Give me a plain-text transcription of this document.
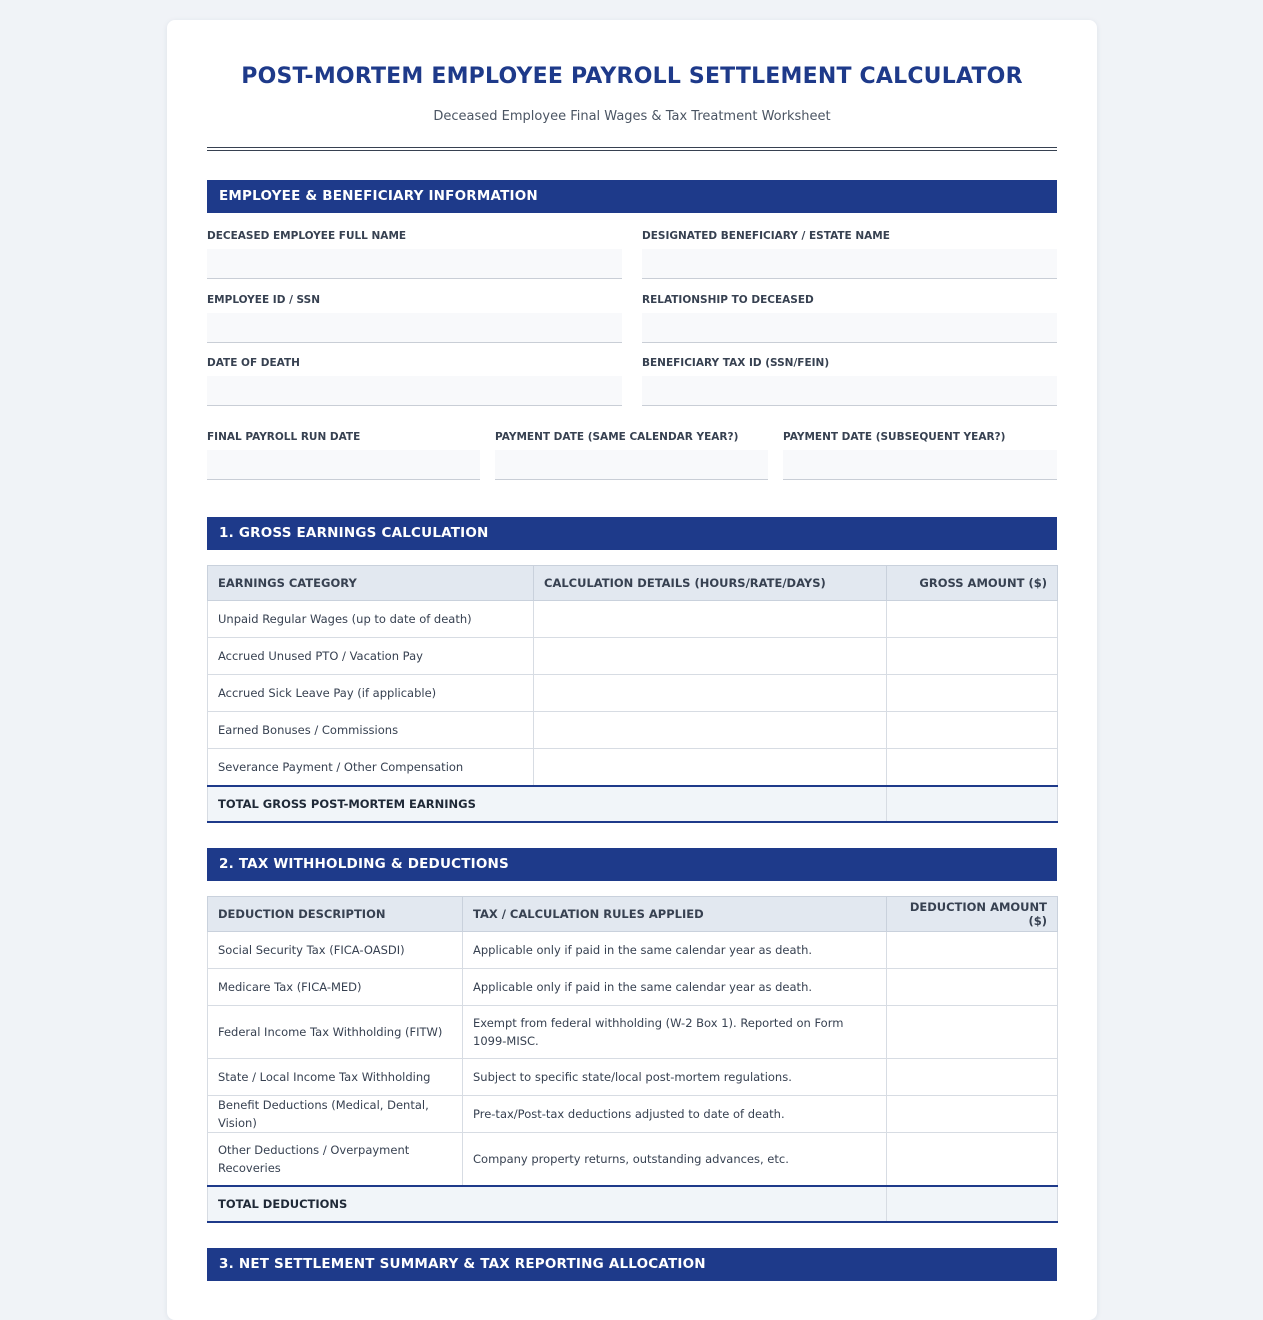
POST-MORTEM EMPLOYEE PAYROLL SETTLEMENT CALCULATOR
Deceased Employee Final Wages & Tax Treatment Worksheet
EMPLOYEE & BENEFICIARY INFORMATION
DECEASED EMPLOYEE FULL NAME	DESIGNATED BENEFICIARY / ESTATE NAME
EMPLOYEE ID / SSN	RELATIONSHIP TO DECEASED
DATE OF DEATH	BENEFICIARY TAX ID (SSN/FEIN)
FINAL PAYROLL RUN DATE	PAYMENT DATE (SAME CALENDAR YEAR?)	PAYMENT DATE (SUBSEQUENT YEAR?)
1. GROSS EARNINGS CALCULATION
EARNINGS CATEGORY	CALCULATION DETAILS (HOURS/RATE/DAYS)	GROSS AMOUNT ($)
Unpaid Regular Wages (up to date of death)		
Accrued Unused PTO / Vacation Pay		
Accrued Sick Leave Pay (if applicable)		
Earned Bonuses / Commissions		
Severance Payment / Other Compensation		
TOTAL GROSS POST-MORTEM EARNINGS		
2. TAX WITHHOLDING & DEDUCTIONS
DEDUCTION DESCRIPTION	TAX / CALCULATION RULES APPLIED	DEDUCTION AMOUNT ($)
Social Security Tax (FICA-OASDI)	Applicable only if paid in the same calendar year as death.	
Medicare Tax (FICA-MED)	Applicable only if paid in the same calendar year as death.	
Federal Income Tax Withholding (FITW)	Exempt from federal withholding (W-2 Box 1). Reported on Form 1099-MISC.	
State / Local Income Tax Withholding	Subject to specific state/local post-mortem regulations.	
Benefit Deductions (Medical, Dental, Vision)	Pre-tax/Post-tax deductions adjusted to date of death.	
Other Deductions / Overpayment Recoveries	Company property returns, outstanding advances, etc.	
TOTAL DEDUCTIONS		
3. NET SETTLEMENT SUMMARY & TAX REPORTING ALLOCATION
